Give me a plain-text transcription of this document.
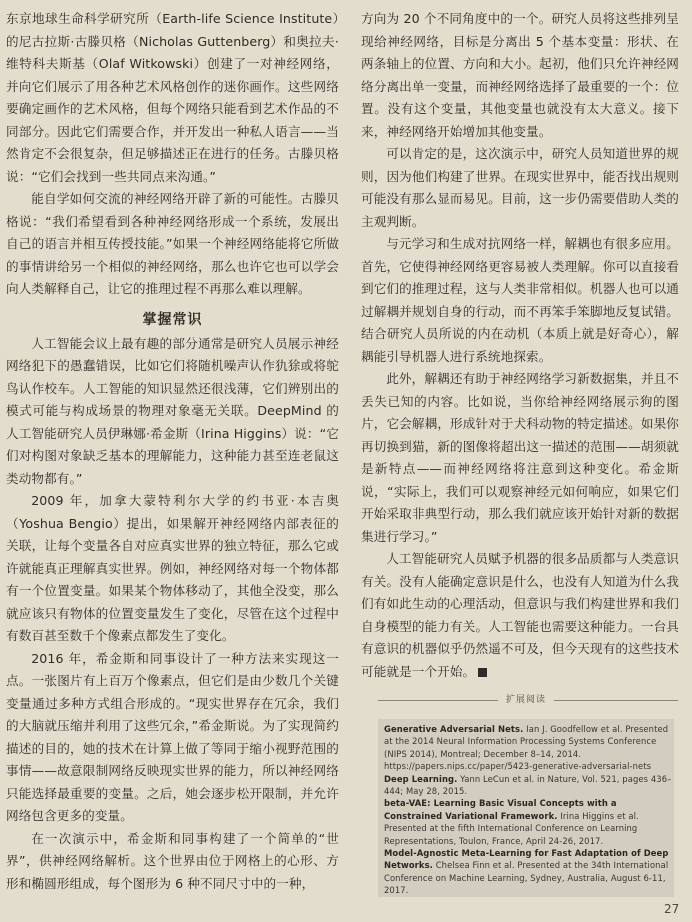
东京地球生命科学研究所（Earth-life Science Institute）的尼古拉斯·古滕贝格（Nicholas Guttenberg）和奥拉夫·维特科夫斯基（Olaf Witkowski）创建了一对神经网络，并向它们展示了用各种艺术风格创作的迷你画作。这些网络要确定画作的艺术风格，但每个网络只能看到艺术作品的不同部分。因此它们需要合作，并开发出一种私人语言——当然肯定不会很复杂，但足够描述正在进行的任务。古滕贝格说：“它们会找到一些共同点来沟通。”

能自学如何交流的神经网络开辟了新的可能性。古滕贝格说：“我们希望看到各种神经网络形成一个系统，发展出自己的语言并相互传授技能。”如果一个神经网络能将它所做的事情讲给另一个相似的神经网络，那么也许它也可以学会向人类解释自己，让它的推理过程不再那么难以理解。

掌握常识

人工智能会议上最有趣的部分通常是研究人员展示神经网络犯下的愚蠢错误，比如它们将随机噪声认作犰狳或将鸵鸟认作校车。人工智能的知识显然还很浅薄，它们辨别出的模式可能与构成场景的物理对象毫无关联。DeepMind 的人工智能研究人员伊琳娜·希金斯（Irina Higgins）说：“它们对构图对象缺乏基本的理解能力，这种能力甚至连老鼠这类动物都有。”

2009 年，加拿大蒙特利尔大学的约书亚·本吉奥（Yoshua Bengio）提出，如果解开神经网络内部表征的关联，让每个变量各自对应真实世界的独立特征，那么它或许就能真正理解真实世界。例如，神经网络对每一个物体都有一个位置变量。如果某个物体移动了，其他全没变，那么就应该只有物体的位置变量发生了变化，尽管在这个过程中有数百甚至数千个像素点都发生了变化。

2016 年，希金斯和同事设计了一种方法来实现这一点。一张图片有上百万个像素点，但它们是由少数几个关键变量通过多种方式组合形成的。“现实世界存在冗余，我们的大脑就压缩并利用了这些冗余，”希金斯说。为了实现简约描述的目的，她的技术在计算上做了等同于缩小视野范围的事情——故意限制网络反映现实世界的能力，所以神经网络只能选择最重要的变量。之后，她会逐步松开限制，并允许网络包含更多的变量。

在一次演示中，希金斯和同事构建了一个简单的“世界”，供神经网络解析。这个世界由位于网格上的心形、方形和椭圆形组成，每个图形为 6 种不同尺寸中的一种，

方向为 20 个不同角度中的一个。研究人员将这些排列呈现给神经网络，目标是分离出 5 个基本变量：形状、在两条轴上的位置、方向和大小。起初，他们只允许神经网络分离出单一变量，而神经网络选择了最重要的一个：位置。没有这个变量，其他变量也就没有太大意义。接下来，神经网络开始增加其他变量。

可以肯定的是，这次演示中，研究人员知道世界的规则，因为他们构建了世界。在现实世界中，能否找出规则可能没有那么显而易见。目前，这一步仍需要借助人类的主观判断。

与元学习和生成对抗网络一样，解耦也有很多应用。首先，它使得神经网络更容易被人类理解。你可以直接看到它们的推理过程，这与人类非常相似。机器人也可以通过解耦并规划自身的行动，而不再笨手笨脚地反复试错。结合研究人员所说的内在动机（本质上就是好奇心），解耦能引导机器人进行系统地探索。

此外，解耦还有助于神经网络学习新数据集，并且不丢失已知的内容。比如说，当你给神经网络展示狗的图片，它会解耦，形成针对于犬科动物的特定描述。如果你再切换到猫，新的图像将超出这一描述的范围——胡须就是新特点——而神经网络将注意到这种变化。希金斯说，“实际上，我们可以观察神经元如何响应，如果它们开始采取非典型行动，那么我们就应该开始针对新的数据集进行学习。”

人工智能研究人员赋予机器的很多品质都与人类意识有关。没有人能确定意识是什么，也没有人知道为什么我们有如此生动的心理活动，但意识与我们构建世界和我们自身模型的能力有关。人工智能也需要这种能力。一台具有意识的机器似乎仍然遥不可及，但今天现有的这些技术可能就是一个开始。

扩展阅读
Generative Adversarial Nets. Ian J. Goodfellow et al. Presented at the 2014 Neural Information Processing Systems Conference (NIPS 2014), Montreal; December 8–14, 2014. https://papers.nips.cc/paper/5423-generative-adversarial-nets
Deep Learning. Yann LeCun et al. in Nature, Vol. 521, pages 436–444; May 28, 2015.
beta-VAE: Learning Basic Visual Concepts with a Constrained Variational Framework. Irina Higgins et al. Presented at the fifth International Conference on Learning Representations, Toulon, France, April 24-26, 2017.
Model-Agnostic Meta-Learning for Fast Adaptation of Deep Networks. Chelsea Finn et al. Presented at the 34th International Conference on Machine Learning, Sydney, Australia, August 6-11, 2017.
27
